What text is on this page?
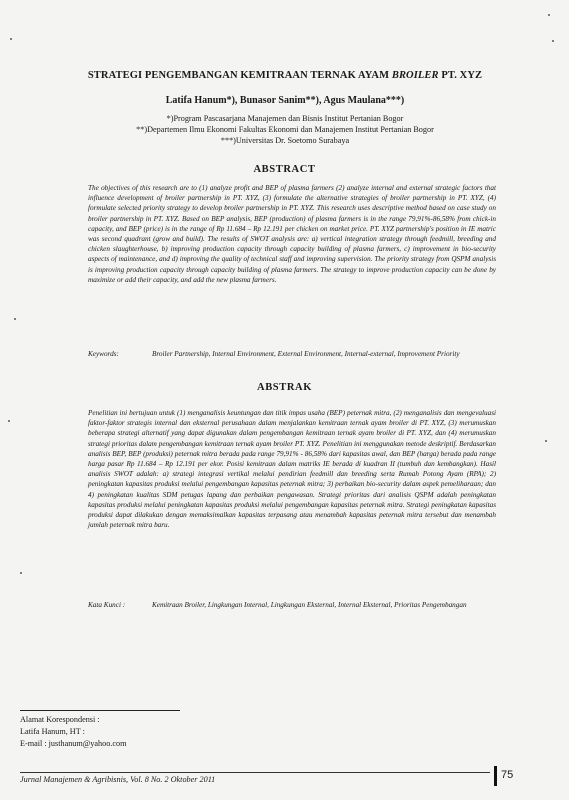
STRATEGI PENGEMBANGAN KEMITRAAN TERNAK AYAM BROILER PT. XYZ
Latifa Hanum*), Bunasor Sanim**), Agus Maulana***)
*)Program Pascasarjana Manajemen dan Bisnis Institut Pertanian Bogor
**)Departemen Ilmu Ekonomi Fakultas Ekonomi dan Manajemen Institut Pertanian Bogor
***)Universitas Dr. Soetomo Surabaya
ABSTRACT

The objectives of this research are to (1) analyze profit and BEP of plasma farmers (2) analyze internal and external strategic factors that influence development of broiler partnership in PT. XYZ, (3) formulate the alternative strategies of broiler partnership in PT. XYZ, (4) formulate selected priority strategy to develop broiler partnership in PT. XYZ. This research uses descriptive method based on case study on broiler partnership in PT. XYZ. Based on BEP analysis, BEP (production) of plasma farmers is in the range 79,91%-86,58% from chick-in capacity, and BEP (price) is in the range of Rp 11.684 – Rp 12.191 per chicken on market price. PT. XYZ partnership's position in IE matric was second quadrant (grow and build). The results of SWOT analysis are: a) vertical integration strategy through feedmill, breeding and chicken slaughterhouse, b) improving production capacity through capacity building of plasma farmers, c) improvement in bio-security aspects of maintenance, and d) improving the quality of technical staff and improving supervision. The priority strategy from QSPM analysis is improving production capacity through capacity building of plasma farmers. The strategy to improve production capacity can be done by maximize or add their capacity, and add the new plasma farmers.

Keywords:	Broiler Partnership, Internal Environment, External Environment, Internal-external, Improvement Priority
ABSTRAK

Penelitian ini bertujuan untuk (1) menganalisis keuntungan dan titik impas usaha (BEP) peternak mitra, (2) menganalisis dan mengevaluasi faktor-faktor strategis internal dan eksternal perusahaan dalam menjalankan kemitraan ternak ayam broiler di PT. XYZ, (3) merumuskan beberapa strategi alternatif yang dapat digunakan dalam pengembangan kemitraan ternak ayam broiler di PT. XYZ, dan (4) merumuskan strategi prioritas dalam pengembangan kemitraan ternak ayam broiler PT. XYZ. Penelitian ini menggunakan metode deskriptif. Berdasarkan analisis BEP, BEP (produksi) peternak mitra berada pada range 79,91% - 86,58% dari kapasitas awal, dan BEP (harga) berada pada range harga pasar Rp 11.684 – Rp 12.191 per ekor. Posisi kemitraan dalam matriks IE berada di kuadran II (tumbuh dan kembangkan). Hasil analisis SWOT adalah: a) strategi integrasi vertikal melalui pendirian feedmill dan breeding serta Rumah Potong Ayam (RPA); 2) peningkatan kapasitas produksi melalui pengembangan kapasitas peternak mitra; 3) perbaikan bio-security dalam aspek pemeliharaan; dan 4) peningkatan kualitas SDM petugas lapang dan perbaikan pengawasan. Strategi prioritas dari analisis QSPM adalah peningkatan kapasitas produksi melalui peningkatan kapasitas produksi melalui pengembangan kapasitas peternak mitra. Strategi peningkatan kapasitas produksi dapat dilakukan dengan memaksimalkan kapasitas terpasang atau menambah kapasitas peternak mitra tersebut dan menambah jumlah peternak mitra baru.

Kata Kunci :	Kemitraan Broiler, Lingkungan Internal, Lingkungan Eksternal, Internal Eksternal, Prioritas Pengembangan
Alamat Korespondensi :
Latifa Hanum, HT :
E-mail : justhanum@yahoo.com
Jurnal Manajemen & Agribisnis, Vol. 8 No. 2 Oktober 2011	75
